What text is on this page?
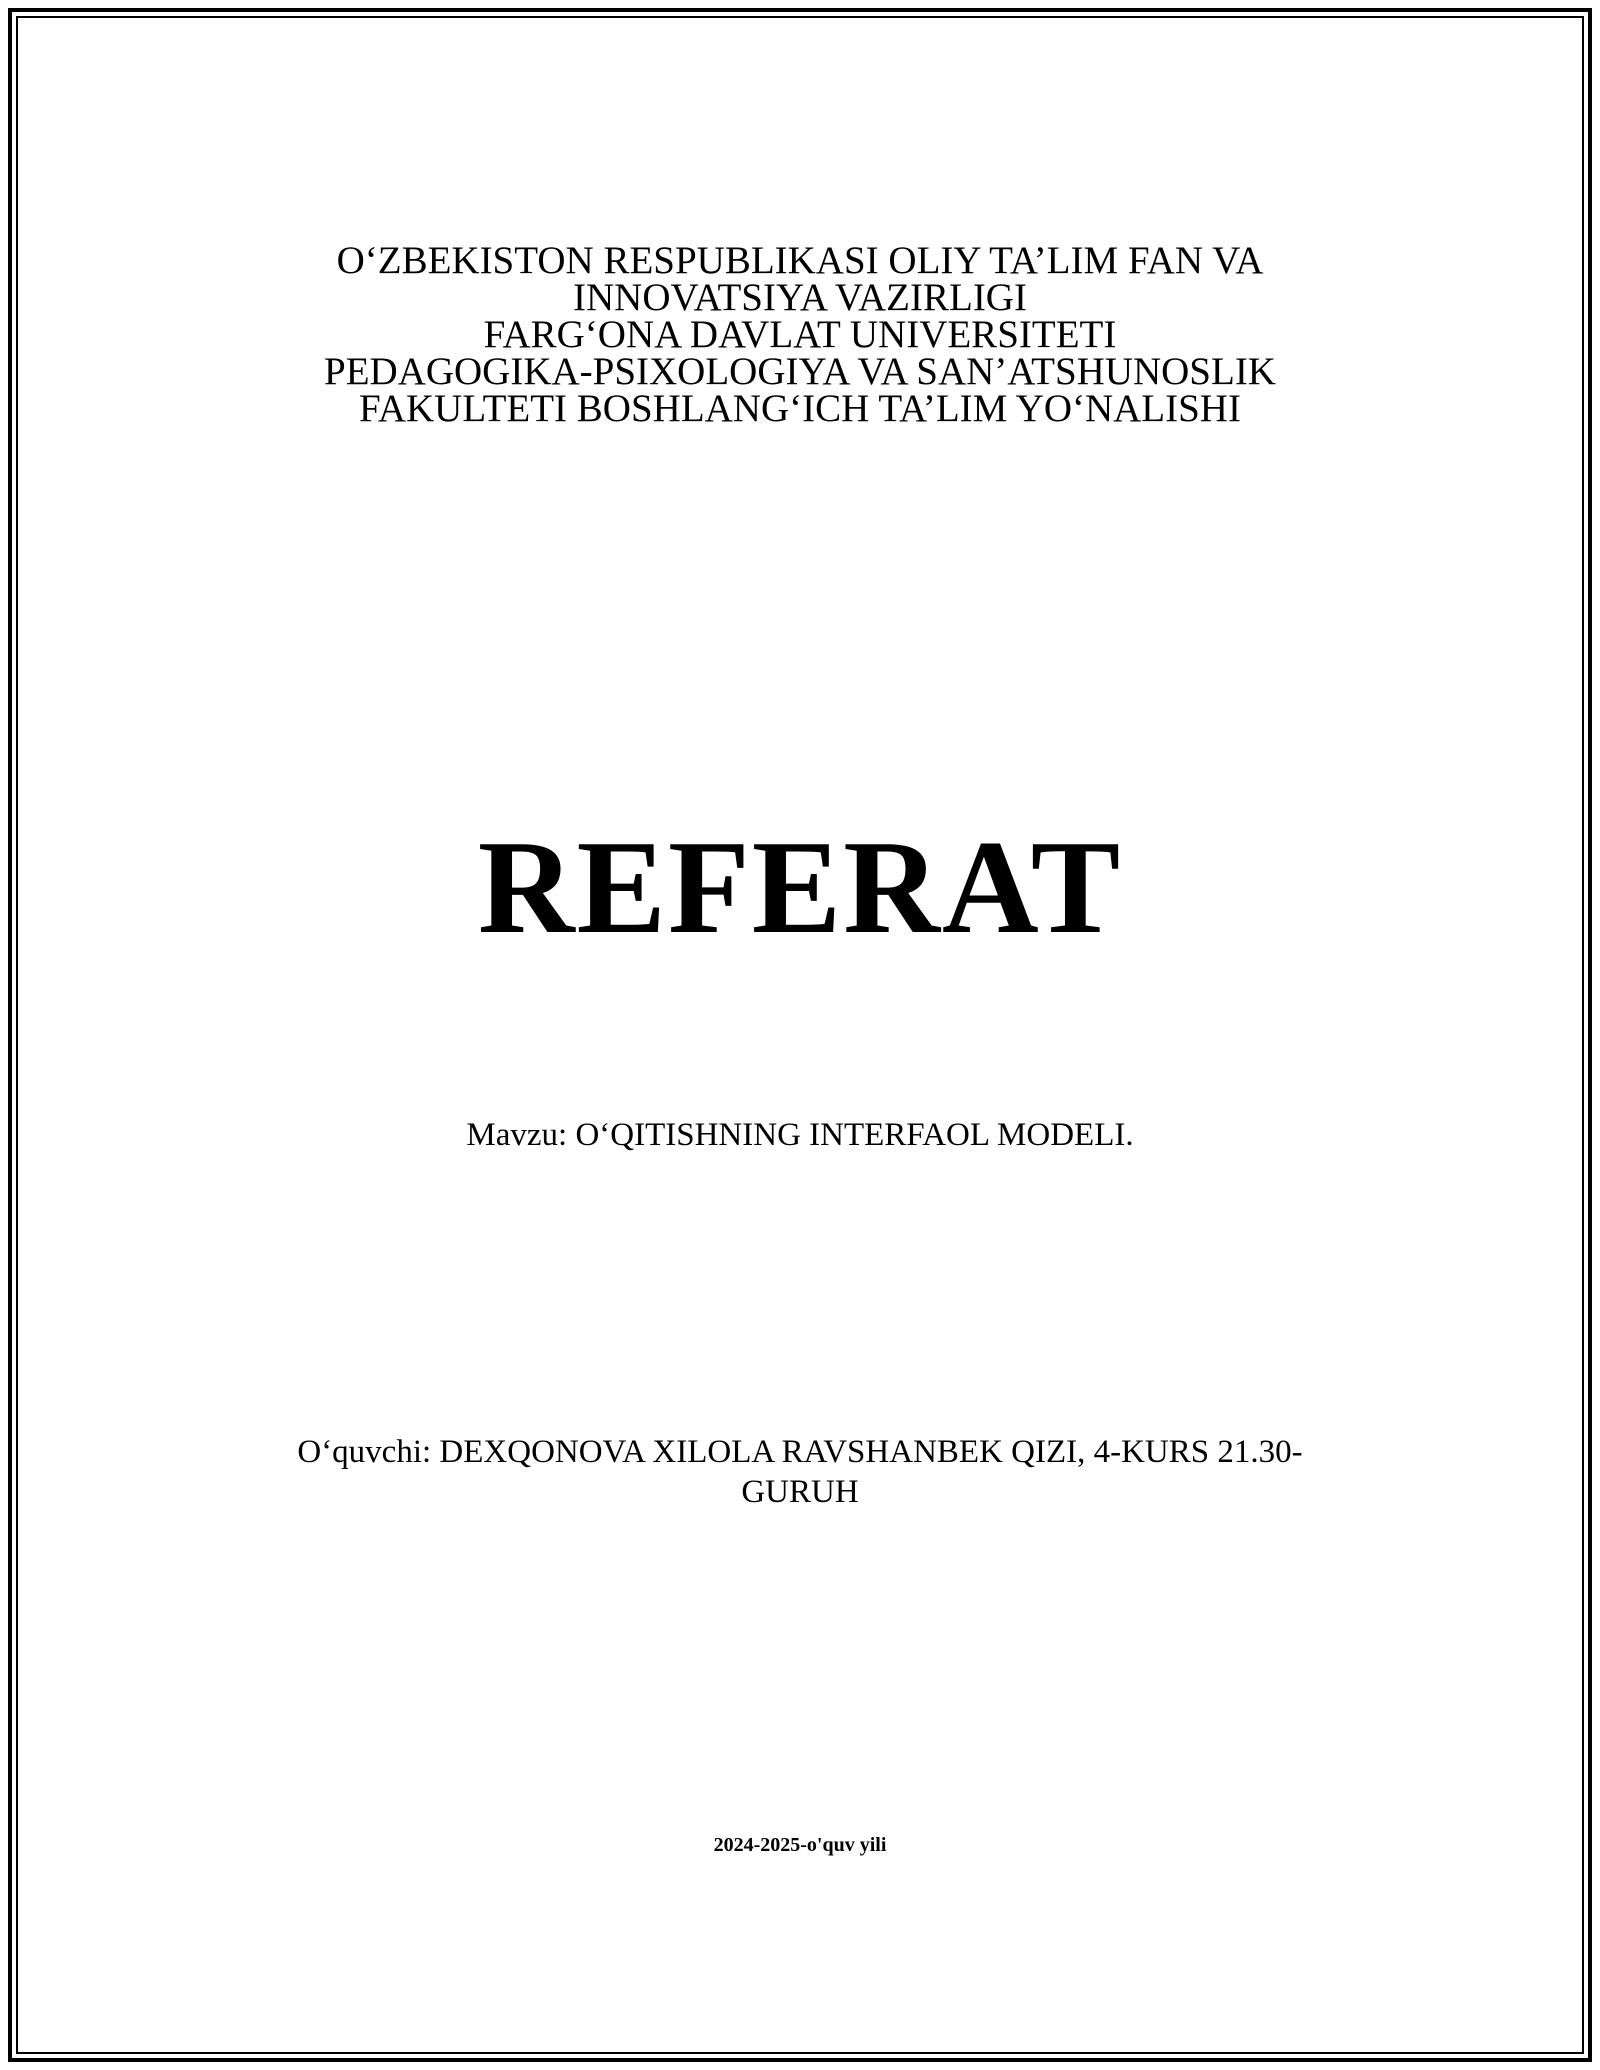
O‘ZBEKISTON RESPUBLIKASI OLIY TA’LIM FAN VA
INNOVATSIYA VAZIRLIGI
FARG‘ONA DAVLAT UNIVERSITETI
PEDAGOGIKA-PSIXOLOGIYA VA SAN’ATSHUNOSLIK
FAKULTETI BOSHLANG‘ICH TA’LIM YO‘NALISHI
REFERAT
Mavzu: O‘QITISHNING INTERFAOL MODELI.
O‘quvchi: DEXQONOVA XILOLA RAVSHANBEK QIZI, 4-KURS 21.30-
GURUH
2024-2025-o'quv yili
